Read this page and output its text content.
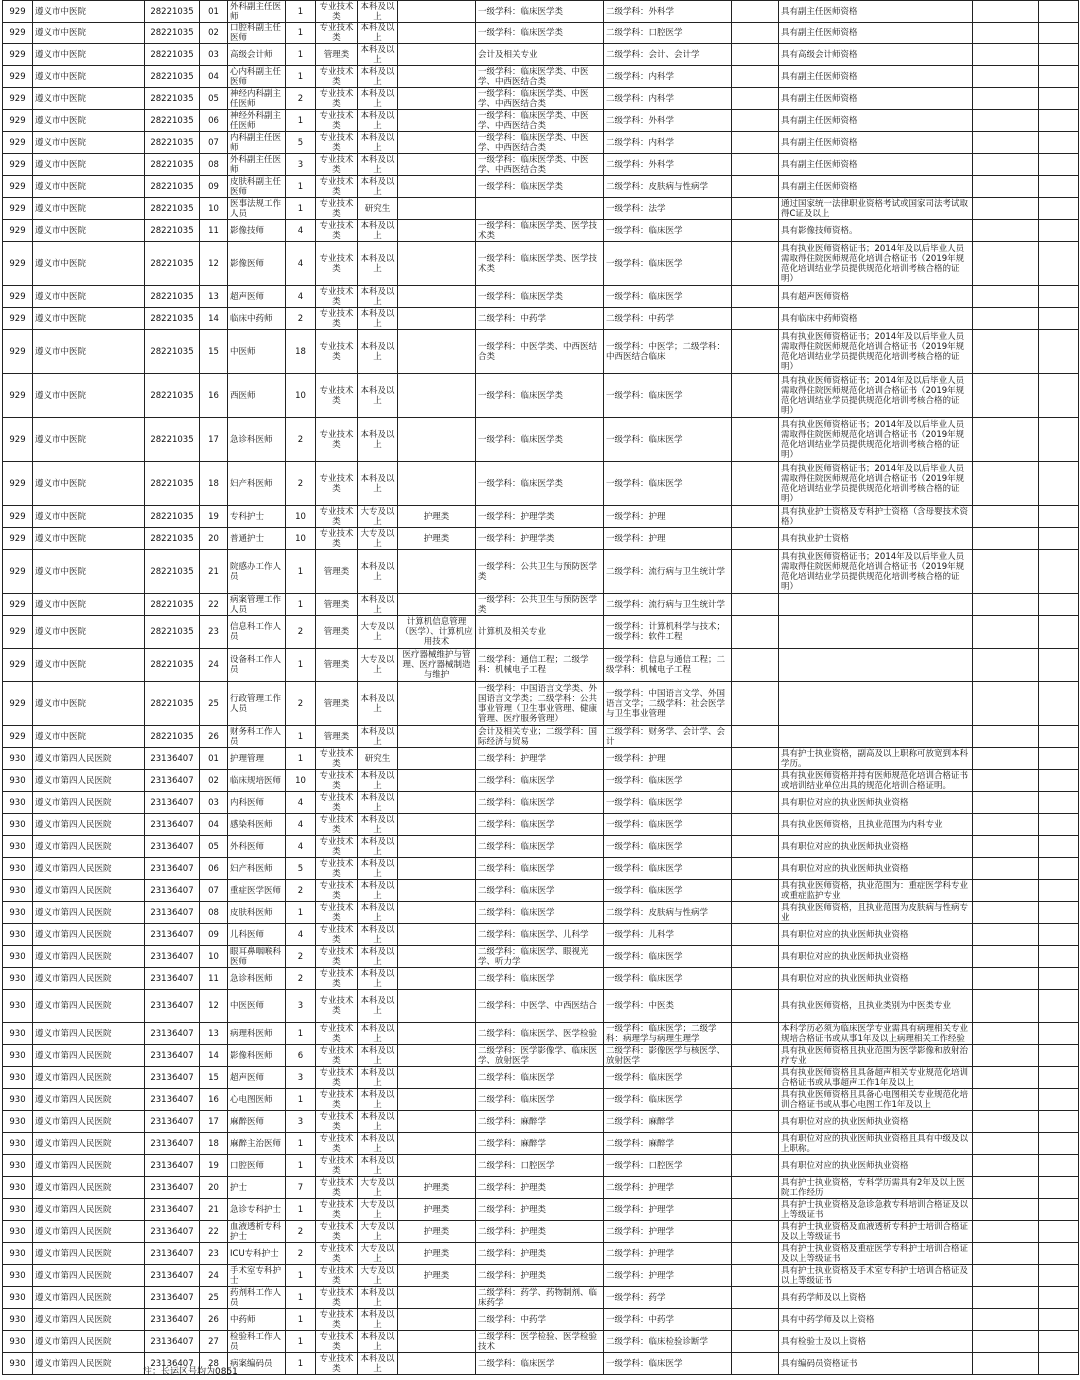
929	遵义市中医院	28221035	01	外科副主任医师	1	专业技术类	本科及以上		一级学科：临床医学类	二级学科：外科学		具有副主任医师资格		
929	遵义市中医院	28221035	02	口腔科副主任医师	1	专业技术类	本科及以上		一级学科：临床医学类	二级学科：口腔医学		具有副主任医师资格		
929	遵义市中医院	28221035	03	高级会计师	1	管理类	本科及以上		会计及相关专业	二级学科：会计、会计学		具有高级会计师资格		
929	遵义市中医院	28221035	04	心内科副主任医师	1	专业技术类	本科及以上		一级学科：临床医学类、中医学、中西医结合类	二级学科：内科学		具有副主任医师资格		
929	遵义市中医院	28221035	05	神经内科副主任医师	2	专业技术类	本科及以上		一级学科：临床医学类、中医学、中西医结合类	二级学科：内科学		具有副主任医师资格		
929	遵义市中医院	28221035	06	神经外科副主任医师	1	专业技术类	本科及以上		一级学科：临床医学类、中医学、中西医结合类	二级学科：外科学		具有副主任医师资格		
929	遵义市中医院	28221035	07	内科副主任医师	5	专业技术类	本科及以上		一级学科：临床医学类、中医学、中西医结合类	二级学科：内科学		具有副主任医师资格		
929	遵义市中医院	28221035	08	外科副主任医师	3	专业技术类	本科及以上		一级学科：临床医学类、中医学、中西医结合类	二级学科：外科学		具有副主任医师资格		
929	遵义市中医院	28221035	09	皮肤科副主任医师	1	专业技术类	本科及以上		一级学科：临床医学类	二级学科：皮肤病与性病学		具有副主任医师资格		
929	遵义市中医院	28221035	10	医事法规工作人员	1	专业技术类	研究生			一级学科：法学		通过国家统一法律职业资格考试或国家司法考试取得C证及以上		
929	遵义市中医院	28221035	11	影像技师	4	专业技术类	本科及以上		一级学科：临床医学类、医学技术类	一级学科：临床医学		具有影像技师资格。		
929	遵义市中医院	28221035	12	影像医师	4	专业技术类	本科及以上		一级学科：临床医学类、医学技术类	一级学科：临床医学		具有执业医师资格证书；2014年及以后毕业人员需取得住院医师规范化培训合格证书（2019年规范化培训结业学员提供规范化培训考核合格的证明）		
929	遵义市中医院	28221035	13	超声医师	4	专业技术类	本科及以上		一级学科：临床医学类	一级学科：临床医学		具有超声医师资格		
929	遵义市中医院	28221035	14	临床中药师	2	专业技术类	本科及以上		二级学科：中药学	二级学科：中药学		具有临床中药师资格		
929	遵义市中医院	28221035	15	中医师	18	专业技术类	本科及以上		一级学科：中医学类、中西医结合类	一级学科：中医学；二级学科：中西医结合临床		具有执业医师资格证书；2014年及以后毕业人员需取得住院医师规范化培训合格证书（2019年规范化培训结业学员提供规范化培训考核合格的证明）		
929	遵义市中医院	28221035	16	西医师	10	专业技术类	本科及以上		一级学科：临床医学类	一级学科：临床医学		具有执业医师资格证书；2014年及以后毕业人员需取得住院医师规范化培训合格证书（2019年规范化培训结业学员提供规范化培训考核合格的证明）		
929	遵义市中医院	28221035	17	急诊科医师	2	专业技术类	本科及以上		一级学科：临床医学类	一级学科：临床医学		具有执业医师资格证书；2014年及以后毕业人员需取得住院医师规范化培训合格证书（2019年规范化培训结业学员提供规范化培训考核合格的证明）		
929	遵义市中医院	28221035	18	妇产科医师	2	专业技术类	本科及以上		一级学科：临床医学类	一级学科：临床医学		具有执业医师资格证书；2014年及以后毕业人员需取得住院医师规范化培训合格证书（2019年规范化培训结业学员提供规范化培训考核合格的证明）		
929	遵义市中医院	28221035	19	专科护士	10	专业技术类	大专及以上	护理类	一级学科：护理学类	一级学科：护理		具有执业护士资格及专科护士资格（含母婴技术资格）		
929	遵义市中医院	28221035	20	普通护士	10	专业技术类	大专及以上	护理类	一级学科：护理学类	一级学科：护理		具有执业护士资格		
929	遵义市中医院	28221035	21	院感办工作人员	1	管理类	本科及以上		一级学科：公共卫生与预防医学类	二级学科：流行病与卫生统计学		具有执业医师资格证书；2014年及以后毕业人员需取得住院医师规范化培训合格证书（2019年规范化培训结业学员提供规范化培训考核合格的证明）		
929	遵义市中医院	28221035	22	病案管理工作人员	1	管理类	本科及以上		一级学科：公共卫生与预防医学类	二级学科：流行病与卫生统计学				
929	遵义市中医院	28221035	23	信息科工作人员	2	管理类	大专及以上	计算机信息管理（医学）、计算机应用技术	计算机及相关专业	一级学科：计算机科学与技术；一级学科：软件工程				
929	遵义市中医院	28221035	24	设备科工作人员	1	管理类	大专及以上	医疗器械维护与管理、医疗器械制造与维护	二级学科：通信工程；二级学科：机械电子工程	一级学科：信息与通信工程；二级学科：机械电子工程				
929	遵义市中医院	28221035	25	行政管理工作人员	2	管理类	本科及以上		一级学科：中国语言文学类、外国语言文学类；二级学科：公共事业管理（卫生事业管理、健康管理、医疗服务管理）	一级学科：中国语言文学、外国语言文学；二级学科：社会医学与卫生事业管理				
929	遵义市中医院	28221035	26	财务科工作人员	1	管理类	本科及以上		会计及相关专业；二级学科：国际经济与贸易	二级学科：财务学、会计学、会计				
930	遵义市第四人民医院	23136407	01	护理管理	1	专业技术类	研究生		二级学科：护理学	一级学科：护理		具有护士执业资格，副高及以上职称可放宽到本科学历。		
930	遵义市第四人民医院	23136407	02	临床规培医师	10	专业技术类	本科及以上		二级学科：临床医学	一级学科：临床医学		具有执业医师资格并持有医师规范化培训合格证书或培训结业单位出具的规范化培训合格证明。		
930	遵义市第四人民医院	23136407	03	内科医师	4	专业技术类	本科及以上		二级学科：临床医学	一级学科：临床医学		具有职位对应的执业医师执业资格		
930	遵义市第四人民医院	23136407	04	感染科医师	4	专业技术类	本科及以上		二级学科：临床医学	一级学科：临床医学		具有执业医师资格，且执业范围为内科专业		
930	遵义市第四人民医院	23136407	05	外科医师	4	专业技术类	本科及以上		二级学科：临床医学	一级学科：临床医学		具有职位对应的执业医师执业资格		
930	遵义市第四人民医院	23136407	06	妇产科医师	5	专业技术类	本科及以上		二级学科：临床医学	一级学科：临床医学		具有职位对应的执业医师执业资格		
930	遵义市第四人民医院	23136407	07	重症医学医师	2	专业技术类	本科及以上		二级学科：临床医学	一级学科：临床医学		具有执业医师资格，执业范围为：重症医学科专业或重症监护专业		
930	遵义市第四人民医院	23136407	08	皮肤科医师	1	专业技术类	本科及以上		二级学科：临床医学	二级学科：皮肤病与性病学		具有执业医师资格，且执业范围为皮肤病与性病专业		
930	遵义市第四人民医院	23136407	09	儿科医师	4	专业技术类	本科及以上		二级学科：临床医学、儿科学	一级学科：儿科学		具有职位对应的执业医师执业资格		
930	遵义市第四人民医院	23136407	10	眼耳鼻咽喉科医师	2	专业技术类	本科及以上		二级学科：临床医学、眼视光学、听力学	一级学科：临床医学		具有职位对应的执业医师执业资格		
930	遵义市第四人民医院	23136407	11	急诊科医师	2	专业技术类	本科及以上		二级学科：临床医学	一级学科：临床医学		具有职位对应的执业医师执业资格		
930	遵义市第四人民医院	23136407	12	中医医师	3	专业技术类	本科及以上		二级学科：中医学、中西医结合	一级学科：中医类		具有执业医师资格，且执业类别为中医类专业		
930	遵义市第四人民医院	23136407	13	病理科医师	1	专业技术类	本科及以上		二级学科：临床医学、医学检验	一级学科：临床医学；二级学科：病理学与病理生理学		本科学历必须为临床医学专业需具有病理相关专业规培合格证书或从事1年及以上病理相关工作经验		
930	遵义市第四人民医院	23136407	14	影像科医师	6	专业技术类	本科及以上		二级学科：医学影像学、临床医学、放射医学	二级学科：影像医学与核医学、放射医学		具有执业医师资格且执业范围为医学影像和放射治疗专业		
930	遵义市第四人民医院	23136407	15	超声医师	3	专业技术类	本科及以上		二级学科：临床医学	一级学科：临床医学		具有执业医师资格且具备超声相关专业规范化培训合格证书或从事超声工作1年及以上		
930	遵义市第四人民医院	23136407	16	心电图医师	1	专业技术类	本科及以上		二级学科：临床医学	一级学科：临床医学		具有执业医师资格且具备心电图相关专业规范化培训合格证书或从事心电图工作1年及以上		
930	遵义市第四人民医院	23136407	17	麻醉医师	3	专业技术类	本科及以上		二级学科：麻醉学	二级学科：麻醉学		具有职位对应的执业医师执业资格		
930	遵义市第四人民医院	23136407	18	麻醉主治医师	1	专业技术类	本科及以上		二级学科：麻醉学	二级学科：麻醉学		具有职位对应的执业医师执业资格且具有中级及以上职称。		
930	遵义市第四人民医院	23136407	19	口腔医师	1	专业技术类	本科及以上		二级学科：口腔医学	一级学科：口腔医学		具有职位对应的执业医师执业资格		
930	遵义市第四人民医院	23136407	20	护士	7	专业技术类	大专及以上	护理类	二级学科：护理类	二级学科：护理学		具有护士执业资格，专科学历需具有2年及以上医院工作经历		
930	遵义市第四人民医院	23136407	21	急诊专科护士	1	专业技术类	大专及以上	护理类	二级学科：护理类	二级学科：护理学		具有护士执业资格及急诊急救专科培训合格证及以上等级证书		
930	遵义市第四人民医院	23136407	22	血液透析专科护士	2	专业技术类	大专及以上	护理类	二级学科：护理类	二级学科：护理学		具有护士执业资格及血液透析专科护士培训合格证及以上等级证书		
930	遵义市第四人民医院	23136407	23	ICU专科护士	2	专业技术类	大专及以上	护理类	二级学科：护理类	二级学科：护理学		具有护士执业资格及重症医学专科护士培训合格证及以上等级证书		
930	遵义市第四人民医院	23136407	24	手术室专科护士	1	专业技术类	大专及以上	护理类	二级学科：护理类	二级学科：护理学		具有护士执业资格及手术室专科护士培训合格证及以上等级证书		
930	遵义市第四人民医院	23136407	25	药剂科工作人员	1	专业技术类	本科及以上		二级学科：药学、药物制剂、临床药学	一级学科：药学		具有药学师及以上资格		
930	遵义市第四人民医院	23136407	26	中药师	1	专业技术类	本科及以上		二级学科：中药学	一级学科：中药学		具有中药学师及以上资格		
930	遵义市第四人民医院	23136407	27	检验科工作人员	1	专业技术类	本科及以上		二级学科：医学检验、医学检验技术	二级学科：临床检验诊断学		具有检验士及以上资格		
930	遵义市第四人民医院	23136407	28	病案编码员	1	专业技术类	本科及以上		二级学科：临床医学	一级学科：临床医学		具有编码员资格证书		
注：长运区号均为0851
